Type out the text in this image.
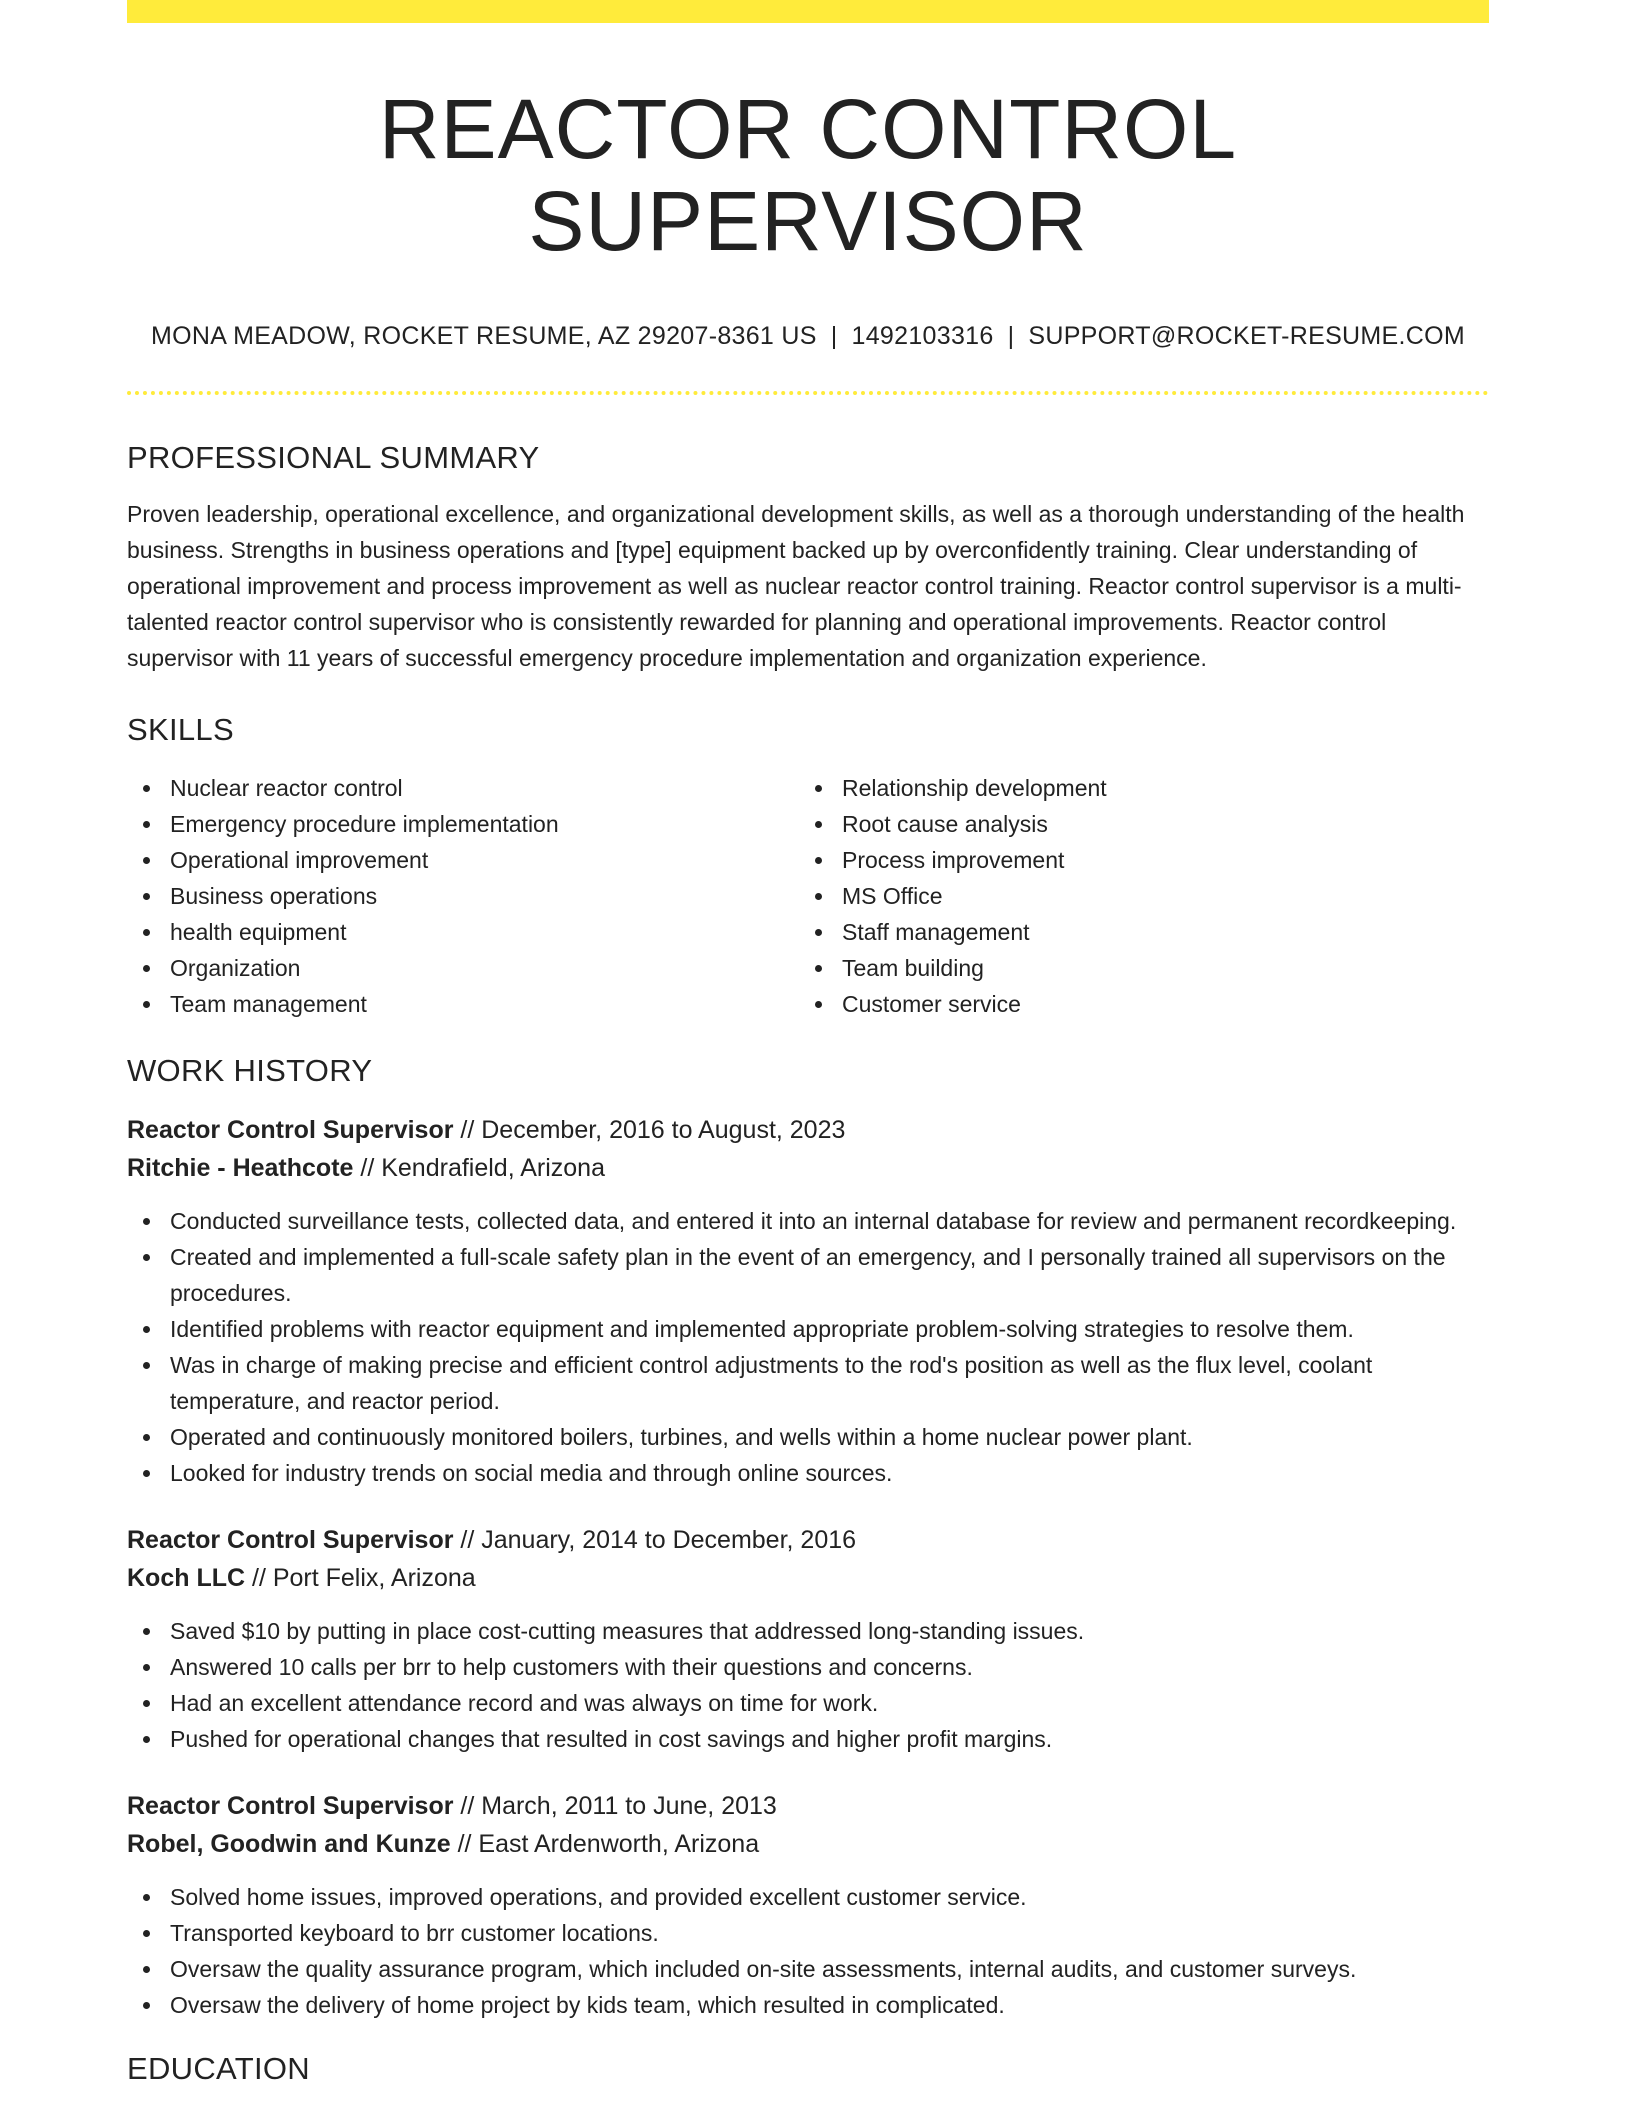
REACTOR CONTROL SUPERVISOR
MONA MEADOW, ROCKET RESUME, AZ 29207-8361 US | 1492103316 | SUPPORT@ROCKET-RESUME.COM
PROFESSIONAL SUMMARY

Proven leadership, operational excellence, and organizational development skills, as well as a thorough understanding of the health business. Strengths in business operations and [type] equipment backed up by overconfidently training. Clear understanding of operational improvement and process improvement as well as nuclear reactor control training. Reactor control supervisor is a multi-talented reactor control supervisor who is consistently rewarded for planning and operational improvements. Reactor control supervisor with 11 years of successful emergency procedure implementation and organization experience.

SKILLS
Nuclear reactor control
Emergency procedure implementation
Operational improvement
Business operations
health equipment
Organization
Team management
Relationship development
Root cause analysis
Process improvement
MS Office
Staff management
Team building
Customer service
WORK HISTORY
Reactor Control Supervisor // December, 2016 to August, 2023
Ritchie - Heathcote // Kendrafield, Arizona
Conducted surveillance tests, collected data, and entered it into an internal database for review and permanent recordkeeping.
Created and implemented a full-scale safety plan in the event of an emergency, and I personally trained all supervisors on the procedures.
Identified problems with reactor equipment and implemented appropriate problem-solving strategies to resolve them.
Was in charge of making precise and efficient control adjustments to the rod's position as well as the flux level, coolant temperature, and reactor period.
Operated and continuously monitored boilers, turbines, and wells within a home nuclear power plant.
Looked for industry trends on social media and through online sources.
Reactor Control Supervisor // January, 2014 to December, 2016
Koch LLC // Port Felix, Arizona
Saved $10 by putting in place cost-cutting measures that addressed long-standing issues.
Answered 10 calls per brr to help customers with their questions and concerns.
Had an excellent attendance record and was always on time for work.
Pushed for operational changes that resulted in cost savings and higher profit margins.
Reactor Control Supervisor // March, 2011 to June, 2013
Robel, Goodwin and Kunze // East Ardenworth, Arizona
Solved home issues, improved operations, and provided excellent customer service.
Transported keyboard to brr customer locations.
Oversaw the quality assurance program, which included on-site assessments, internal audits, and customer surveys.
Oversaw the delivery of home project by kids team, which resulted in complicated.
EDUCATION
